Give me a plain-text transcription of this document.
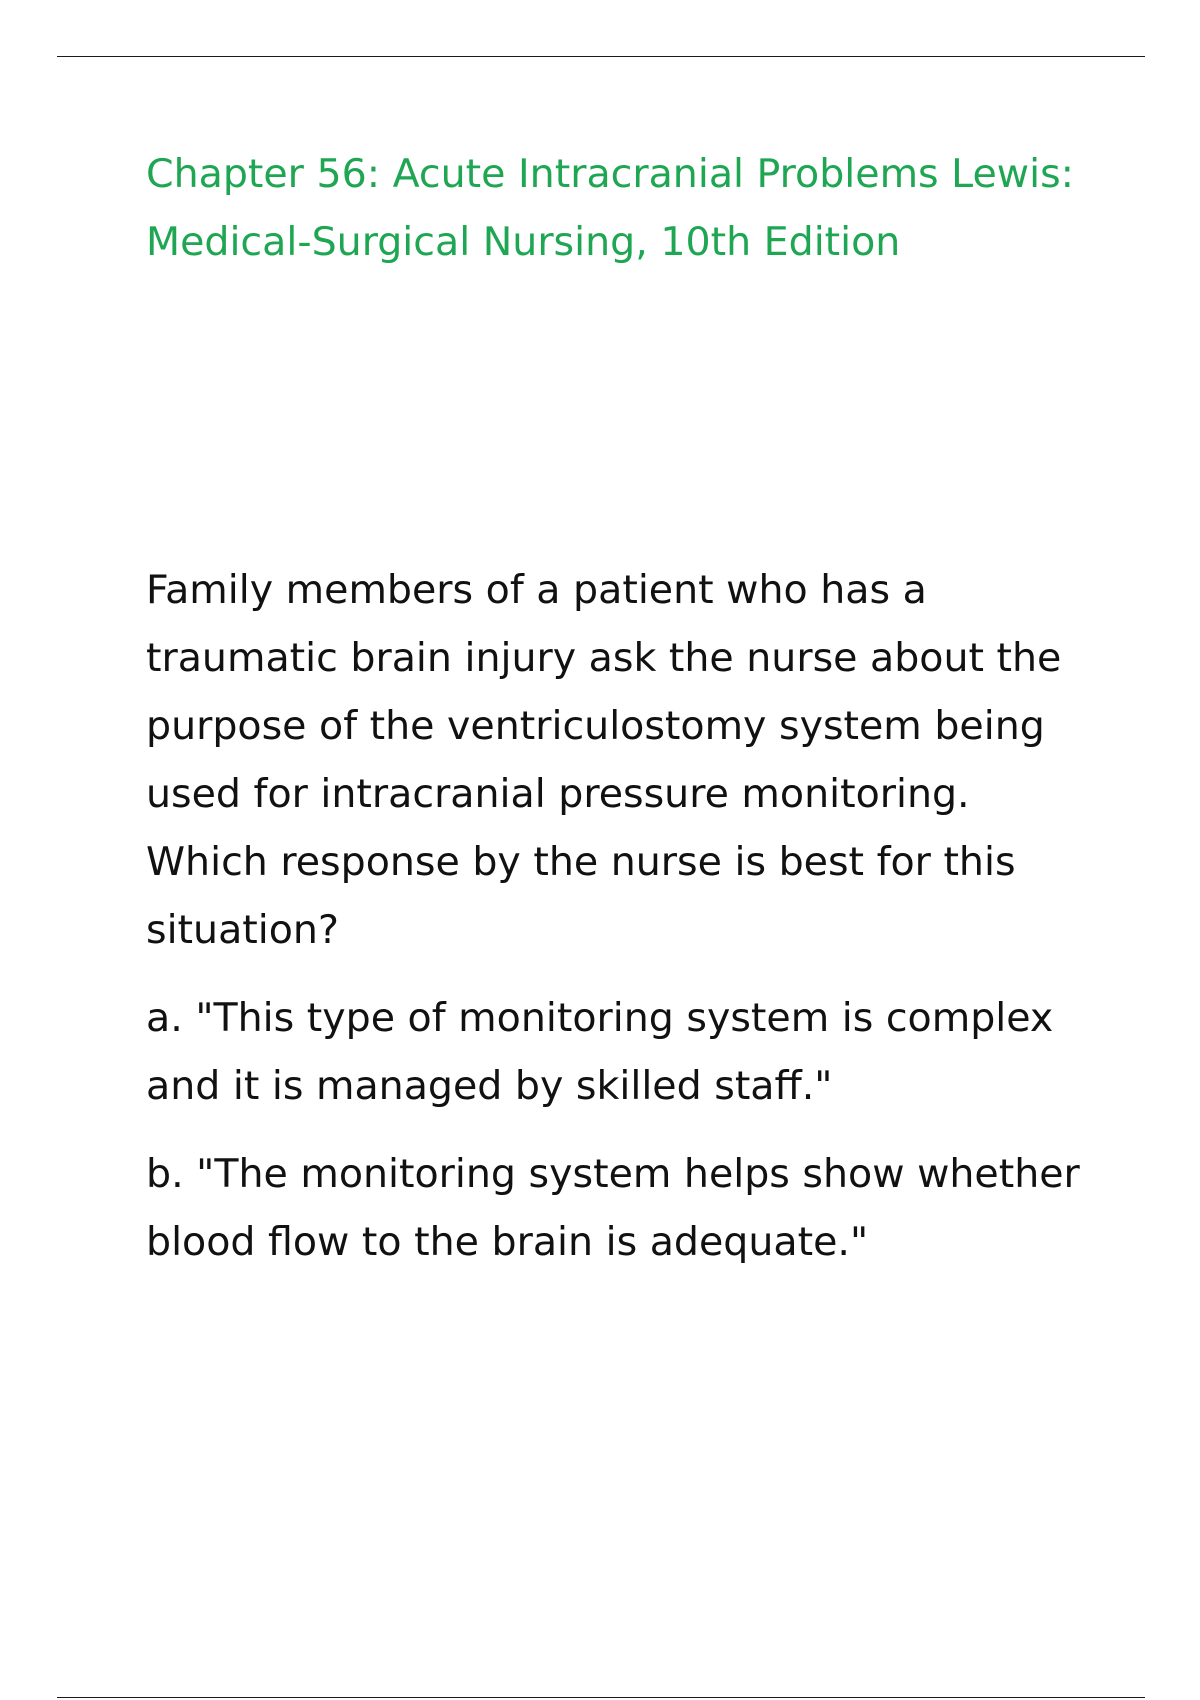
Chapter 56: Acute Intracranial Problems Lewis: Medical-Surgical Nursing, 10th Edition

Family members of a patient who has a traumatic brain injury ask the nurse about the purpose of the ventriculostomy system being used for intracranial pressure monitoring. Which response by the nurse is best for this situation?

a. "This type of monitoring system is complex and it is managed by skilled staff."

b. "The monitoring system helps show whether blood flow to the brain is adequate."
